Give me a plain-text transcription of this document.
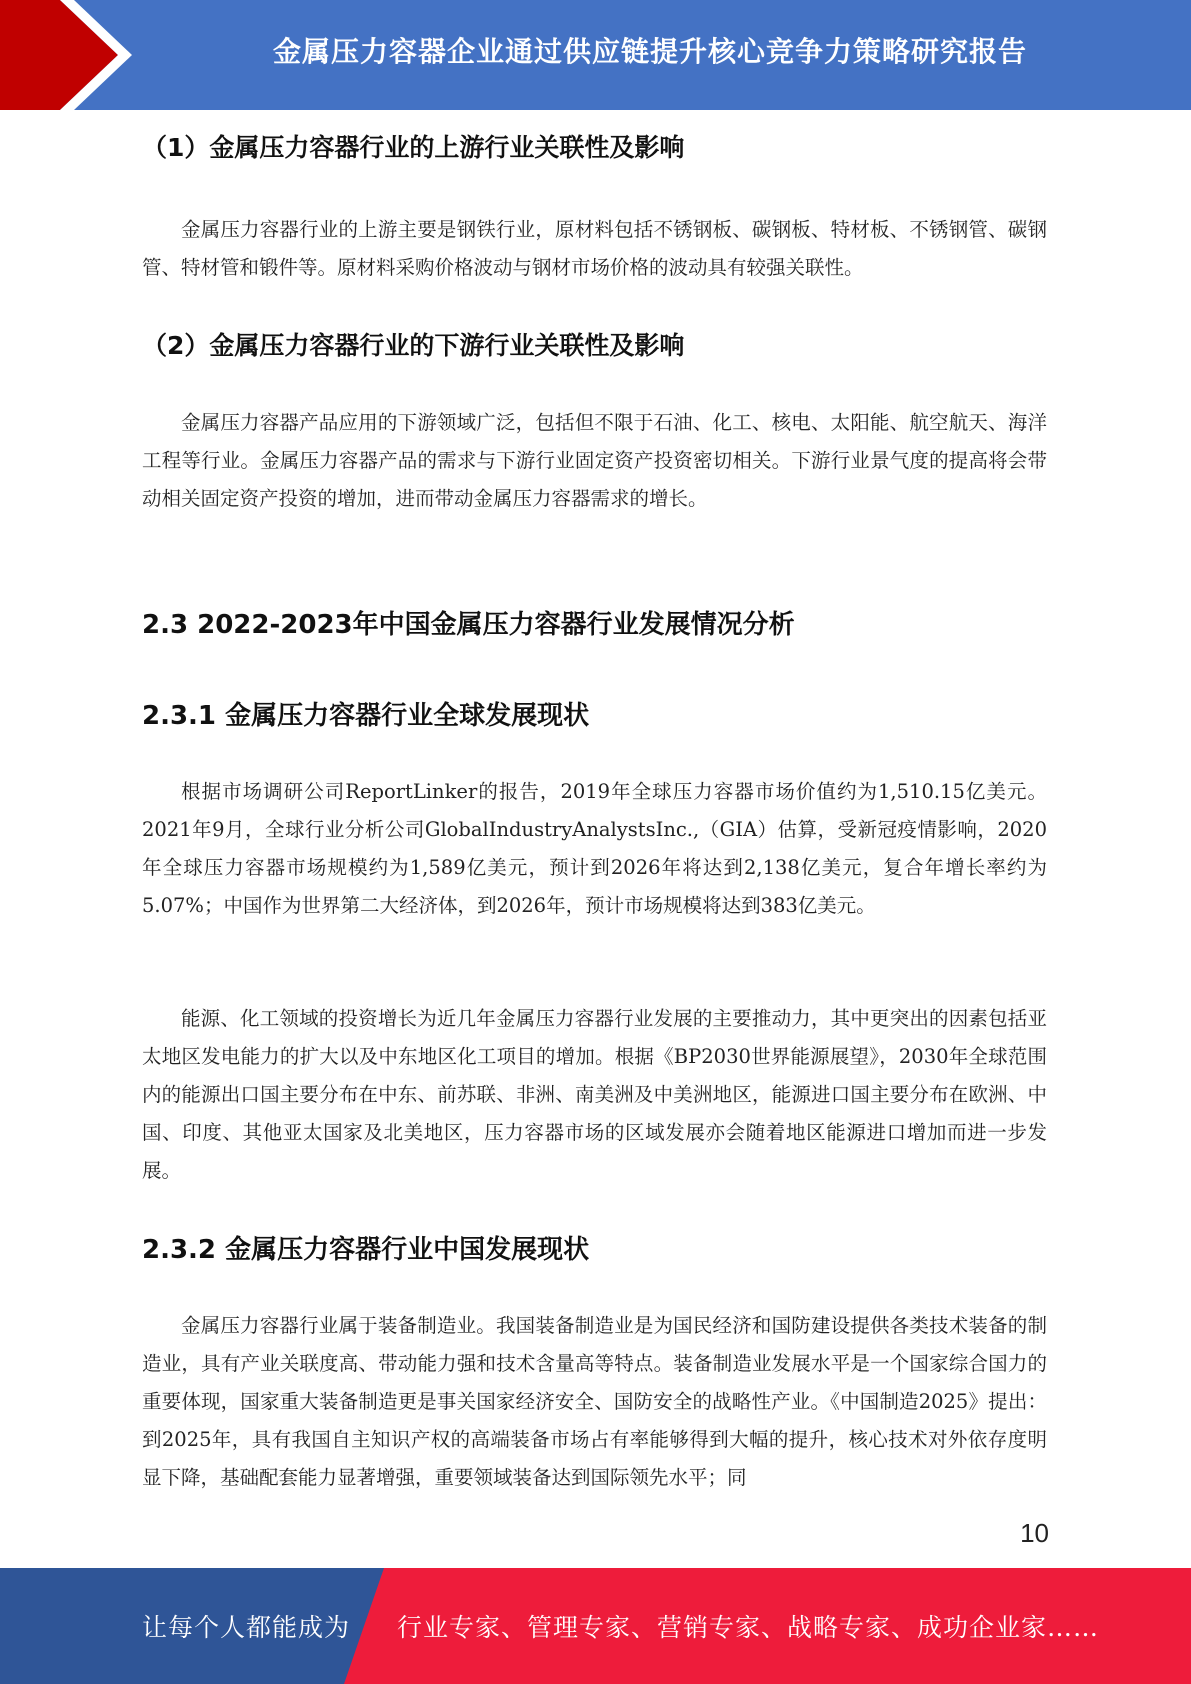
金属压力容器企业通过供应链提升核心竞争力策略研究报告
（1）金属压力容器行业的上游行业关联性及影响

金属压力容器行业的上游主要是钢铁行业，原材料包括不锈钢板、碳钢板、特材板、不锈钢管、碳钢管、特材管和锻件等。原材料采购价格波动与钢材市场价格的波动具有较强关联性。

（2）金属压力容器行业的下游行业关联性及影响

金属压力容器产品应用的下游领域广泛，包括但不限于石油、化工、核电、太阳能、航空航天、海洋工程等行业。金属压力容器产品的需求与下游行业固定资产投资密切相关。下游行业景气度的提高将会带动相关固定资产投资的增加，进而带动金属压力容器需求的增长。

2.3 2022-2023年中国金属压力容器行业发展情况分析
2.3.1 金属压力容器行业全球发展现状

根据市场调研公司ReportLinker的报告，2019年全球压力容器市场价值约为1,510.15亿美元。2021年9月，全球行业分析公司GlobalIndustryAnalystsInc.,（GIA）估算，受新冠疫情影响，2020年全球压力容器市场规模约为1,589亿美元，预计到2026年将达到2,138亿美元，复合年增长率约为5.07%；中国作为世界第二大经济体，到2026年，预计市场规模将达到383亿美元。

能源、化工领域的投资增长为近几年金属压力容器行业发展的主要推动力，其中更突出的因素包括亚太地区发电能力的扩大以及中东地区化工项目的增加。根据《BP2030世界能源展望》，2030年全球范围内的能源出口国主要分布在中东、前苏联、非洲、南美洲及中美洲地区，能源进口国主要分布在欧洲、中国、印度、其他亚太国家及北美地区，压力容器市场的区域发展亦会随着地区能源进口增加而进一步发展。

2.3.2 金属压力容器行业中国发展现状

金属压力容器行业属于装备制造业。我国装备制造业是为国民经济和国防建设提供各类技术装备的制造业，具有产业关联度高、带动能力强和技术含量高等特点。装备制造业发展水平是一个国家综合国力的重要体现，国家重大装备制造更是事关国家经济安全、国防安全的战略性产业。《中国制造2025》提出：到2025年，具有我国自主知识产权的高端装备市场占有率能够得到大幅的提升，核心技术对外依存度明显下降，基础配套能力显著增强，重要领域装备达到国际领先水平；同

10
让每个人都能成为 行业专家、管理专家、营销专家、战略专家、成功企业家……
